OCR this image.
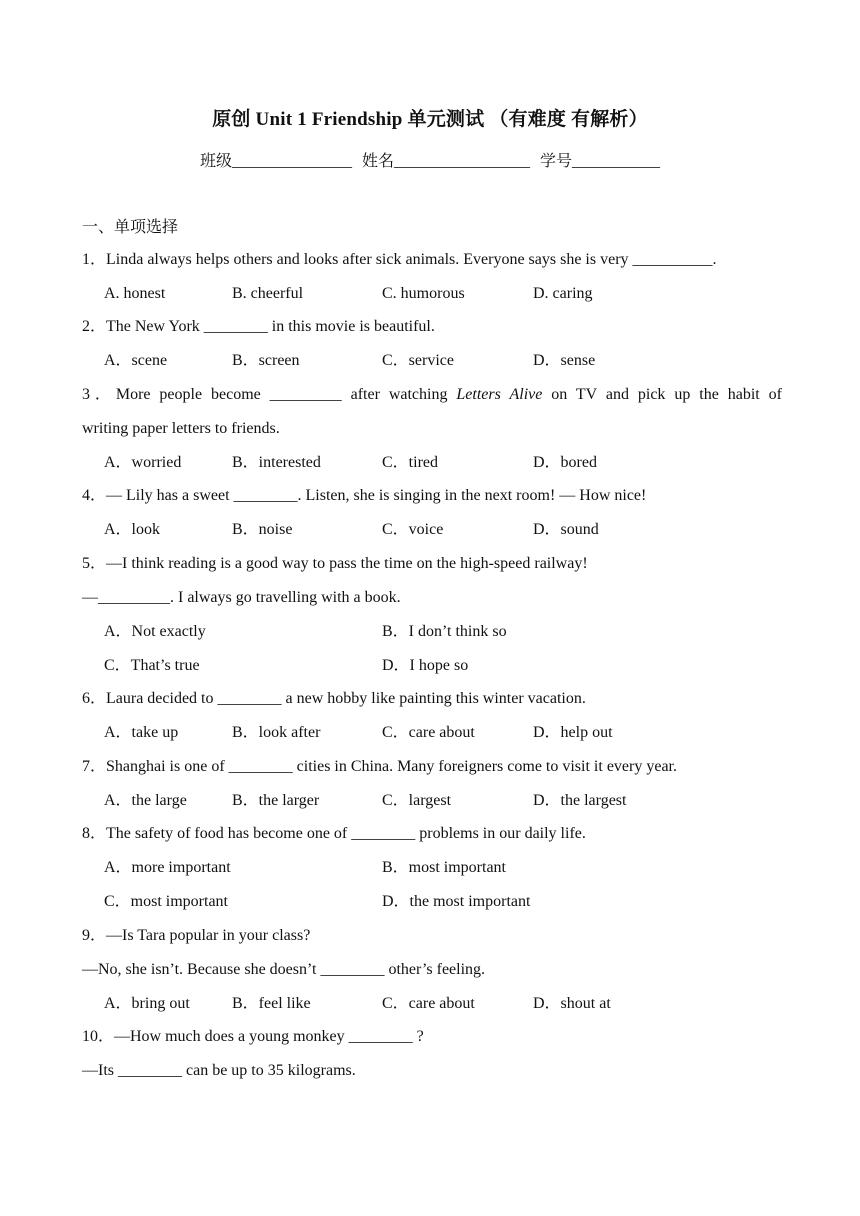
原创 Unit 1 Friendship 单元测试 （有难度 有解析）
班级_______________ 姓名_________________ 学号___________
一、单项选择
1．Linda always helps others and looks after sick animals. Everyone says she is very __________.
A. honest	B. cheerful	C. humorous	D. caring
2．The New York ________ in this movie is beautiful.
A．scene	B．screen	C．service	D．sense
3．More people become _________ after watching Letters Alive on TV and pick up the habit of
writing paper letters to friends.
A．worried	B．interested	C．tired	D．bored
4．— Lily has a sweet ________. Listen, she is singing in the next room! — How nice!
A．look	B．noise	C．voice	D．sound
5．—I think reading is a good way to pass the time on the high-speed railway!
—_________. I always go travelling with a book.
A．Not exactly	B．I don’t think so
C．That’s true	D．I hope so
6．Laura decided to ________ a new hobby like painting this winter vacation.
A．take up	B．look after	C．care about	D．help out
7．Shanghai is one of ________ cities in China. Many foreigners come to visit it every year.
A．the large	B．the larger	C．largest	D．the largest
8．The safety of food has become one of ________ problems in our daily life.
A．more important	B．most important
C．most important	D．the most important
9．—Is Tara popular in your class?
—No, she isn’t. Because she doesn’t ________ other’s feeling.
A．bring out	B．feel like	C．care about	D．shout at
10．—How much does a young monkey ________ ?
—Its ________ can be up to 35 kilograms.
